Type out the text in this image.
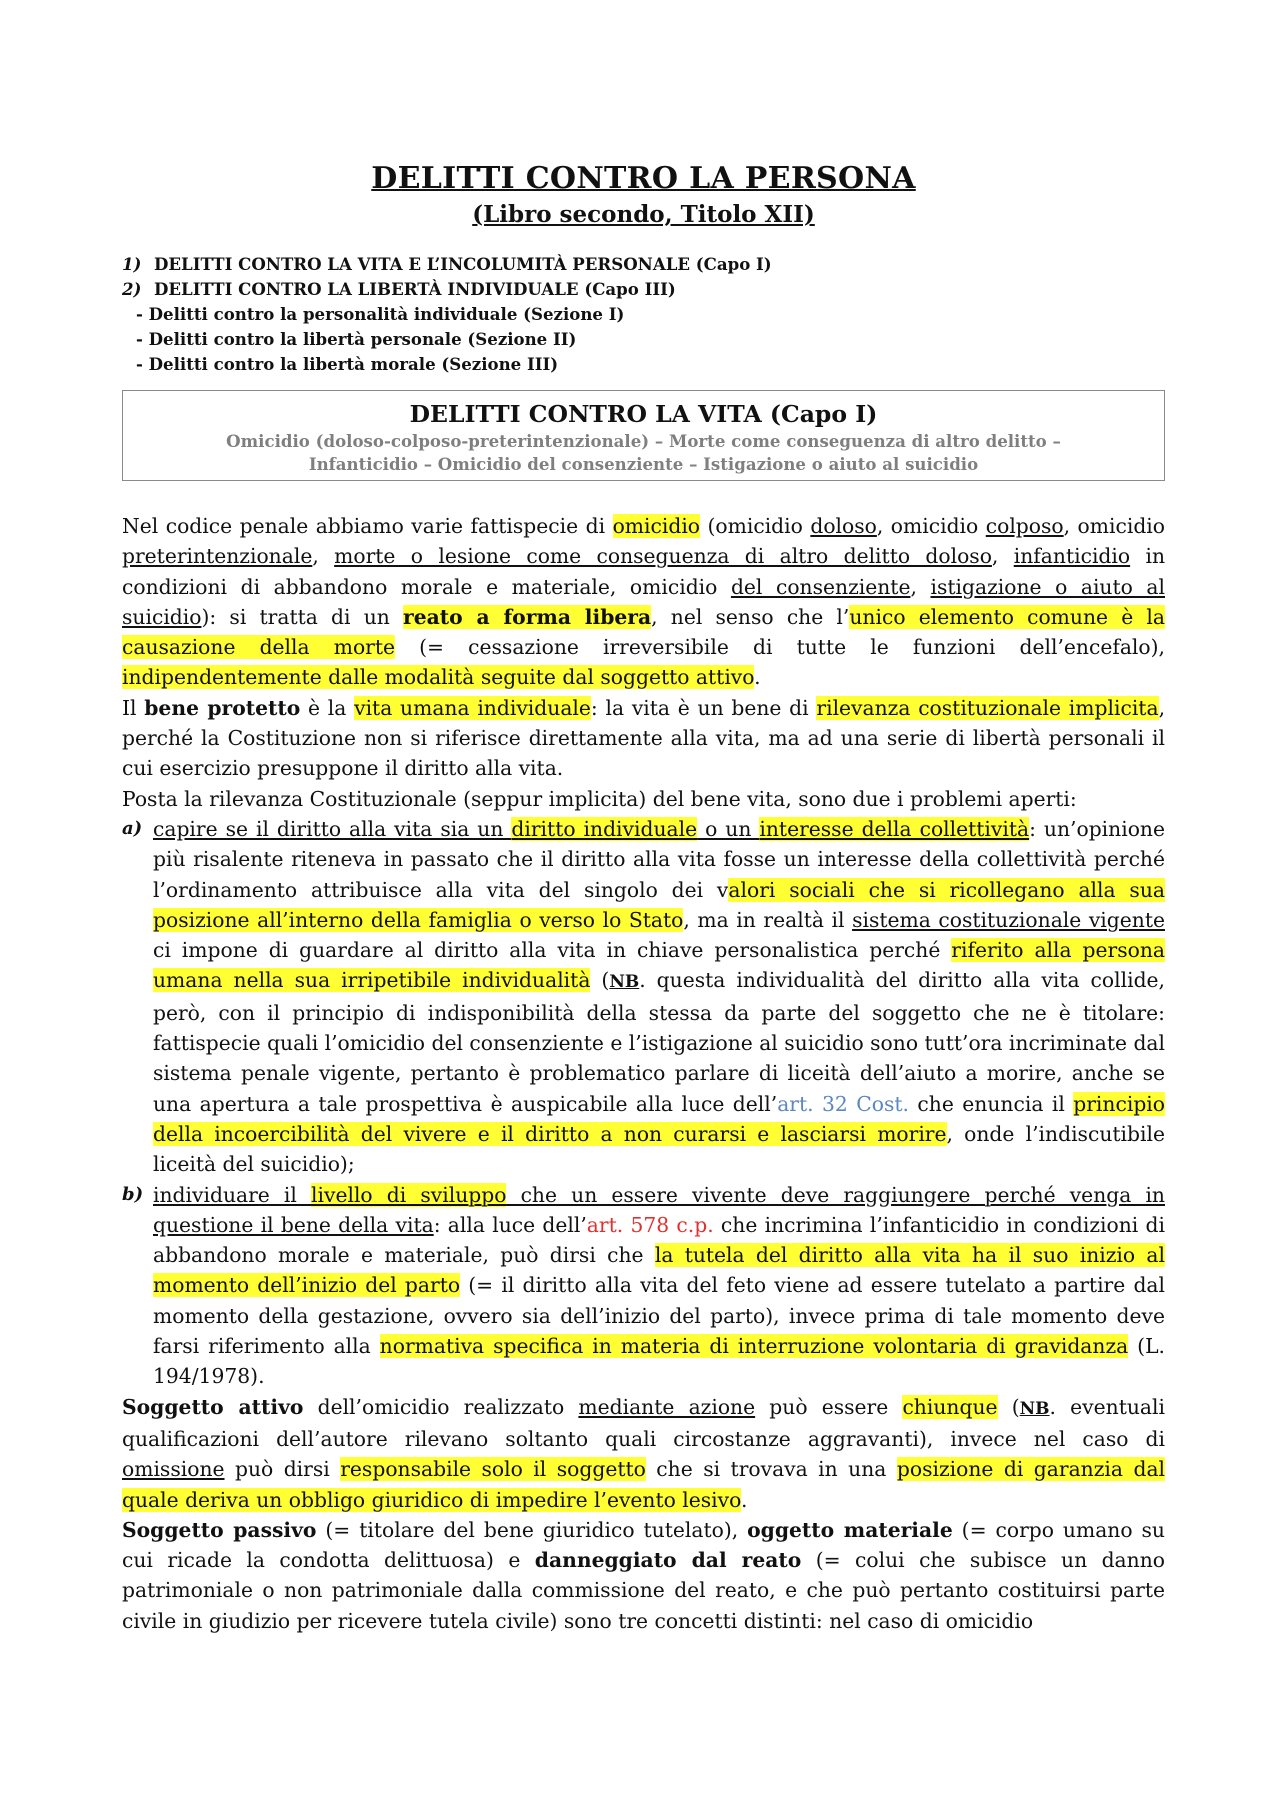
DELITTI CONTRO LA PERSONA
(Libro secondo, Titolo XII)
1) DELITTI CONTRO LA VITA E L’INCOLUMITÀ PERSONALE (Capo I)
2) DELITTI CONTRO LA LIBERTÀ INDIVIDUALE (Capo III)
- Delitti contro la personalità individuale (Sezione I)
- Delitti contro la libertà personale (Sezione II)
- Delitti contro la libertà morale (Sezione III)
DELITTI CONTRO LA VITA (Capo I)
Omicidio (doloso-colposo-preterintenzionale) – Morte come conseguenza di altro delitto –
Infanticidio – Omicidio del consenziente – Istigazione o aiuto al suicidio

Nel codice penale abbiamo varie fattispecie di omicidio (omicidio doloso, omicidio colposo, omicidio preterintenzionale, morte o lesione come conseguenza di altro delitto doloso, infanticidio in condizioni di abbandono morale e materiale, omicidio del consenziente, istigazione o aiuto al suicidio): si tratta di un reato a forma libera, nel senso che l’unico elemento comune è la causazione della morte (= cessazione irreversibile di tutte le funzioni dell’encefalo), indipendentemente dalle modalità seguite dal soggetto attivo.

Il bene protetto è la vita umana individuale: la vita è un bene di rilevanza costituzionale implicita, perché la Costituzione non si riferisce direttamente alla vita, ma ad una serie di libertà personali il cui esercizio presuppone il diritto alla vita.

Posta la rilevanza Costituzionale (seppur implicita) del bene vita, sono due i problemi aperti:

a) capire se il diritto alla vita sia un diritto individuale o un interesse della collettività: un’opinione più risalente riteneva in passato che il diritto alla vita fosse un interesse della collettività perché l’ordinamento attribuisce alla vita del singolo dei valori sociali che si ricollegano alla sua posizione all’interno della famiglia o verso lo Stato, ma in realtà il sistema costituzionale vigente ci impone di guardare al diritto alla vita in chiave personalistica perché riferito alla persona umana nella sua irripetibile individualità (NB. questa individualità del diritto alla vita collide, però, con il principio di indisponibilità della stessa da parte del soggetto che ne è titolare: fattispecie quali l’omicidio del consenziente e l’istigazione al suicidio sono tutt’ora incriminate dal sistema penale vigente, pertanto è problematico parlare di liceità dell’aiuto a morire, anche se una apertura a tale prospettiva è auspicabile alla luce dell’art. 32 Cost. che enuncia il principio della incoercibilità del vivere e il diritto a non curarsi e lasciarsi morire, onde l’indiscutibile liceità del suicidio);
b) individuare il livello di sviluppo che un essere vivente deve raggiungere perché venga in questione il bene della vita: alla luce dell’art. 578 c.p. che incrimina l’infanticidio in condizioni di abbandono morale e materiale, può dirsi che la tutela del diritto alla vita ha il suo inizio al momento dell’inizio del parto (= il diritto alla vita del feto viene ad essere tutelato a partire dal momento della gestazione, ovvero sia dell’inizio del parto), invece prima di tale momento deve farsi riferimento alla normativa specifica in materia di interruzione volontaria di gravidanza (L. 194/1978).

Soggetto attivo dell’omicidio realizzato mediante azione può essere chiunque (NB. eventuali qualificazioni dell’autore rilevano soltanto quali circostanze aggravanti), invece nel caso di omissione può dirsi responsabile solo il soggetto che si trovava in una posizione di garanzia dal quale deriva un obbligo giuridico di impedire l’evento lesivo.

Soggetto passivo (= titolare del bene giuridico tutelato), oggetto materiale (= corpo umano su cui ricade la condotta delittuosa) e danneggiato dal reato (= colui che subisce un danno patrimoniale o non patrimoniale dalla commissione del reato, e che può pertanto costituirsi parte civile in giudizio per ricevere tutela civile) sono tre concetti distinti: nel caso di omicidio
